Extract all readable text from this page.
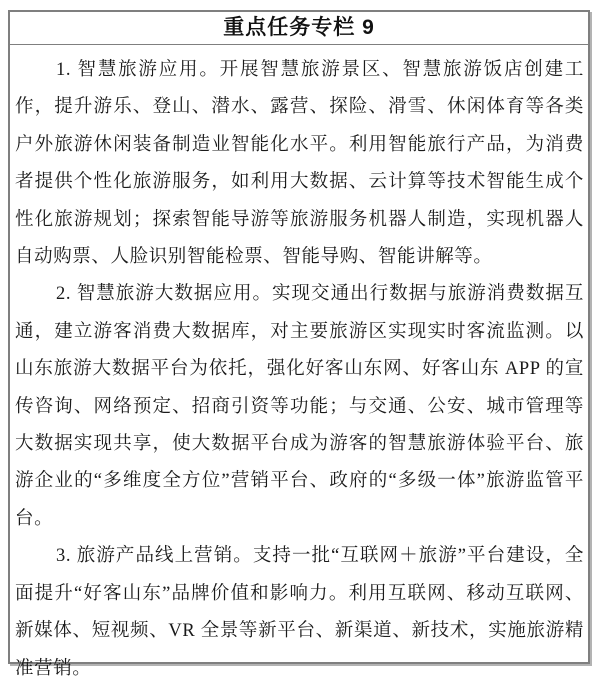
重点任务专栏 9

1. 智慧旅游应用。开展智慧旅游景区、智慧旅游饭店创建工作，提升游乐、登山、潜水、露营、探险、滑雪、休闲体育等各类户外旅游休闲装备制造业智能化水平。利用智能旅行产品，为消费者提供个性化旅游服务，如利用大数据、云计算等技术智能生成个性化旅游规划；探索智能导游等旅游服务机器人制造，实现机器人自动购票、人脸识别智能检票、智能导购、智能讲解等。

2. 智慧旅游大数据应用。实现交通出行数据与旅游消费数据互通，建立游客消费大数据库，对主要旅游区实现实时客流监测。以山东旅游大数据平台为依托，强化好客山东网、好客山东 APP 的宣传咨询、网络预定、招商引资等功能；与交通、公安、城市管理等大数据实现共享，使大数据平台成为游客的智慧旅游体验平台、旅游企业的“多维度全方位”营销平台、政府的“多级一体”旅游监管平台。

3. 旅游产品线上营销。支持一批“互联网＋旅游”平台建设，全面提升“好客山东”品牌价值和影响力。利用互联网、移动互联网、新媒体、短视频、VR 全景等新平台、新渠道、新技术，实施旅游精准营销。
